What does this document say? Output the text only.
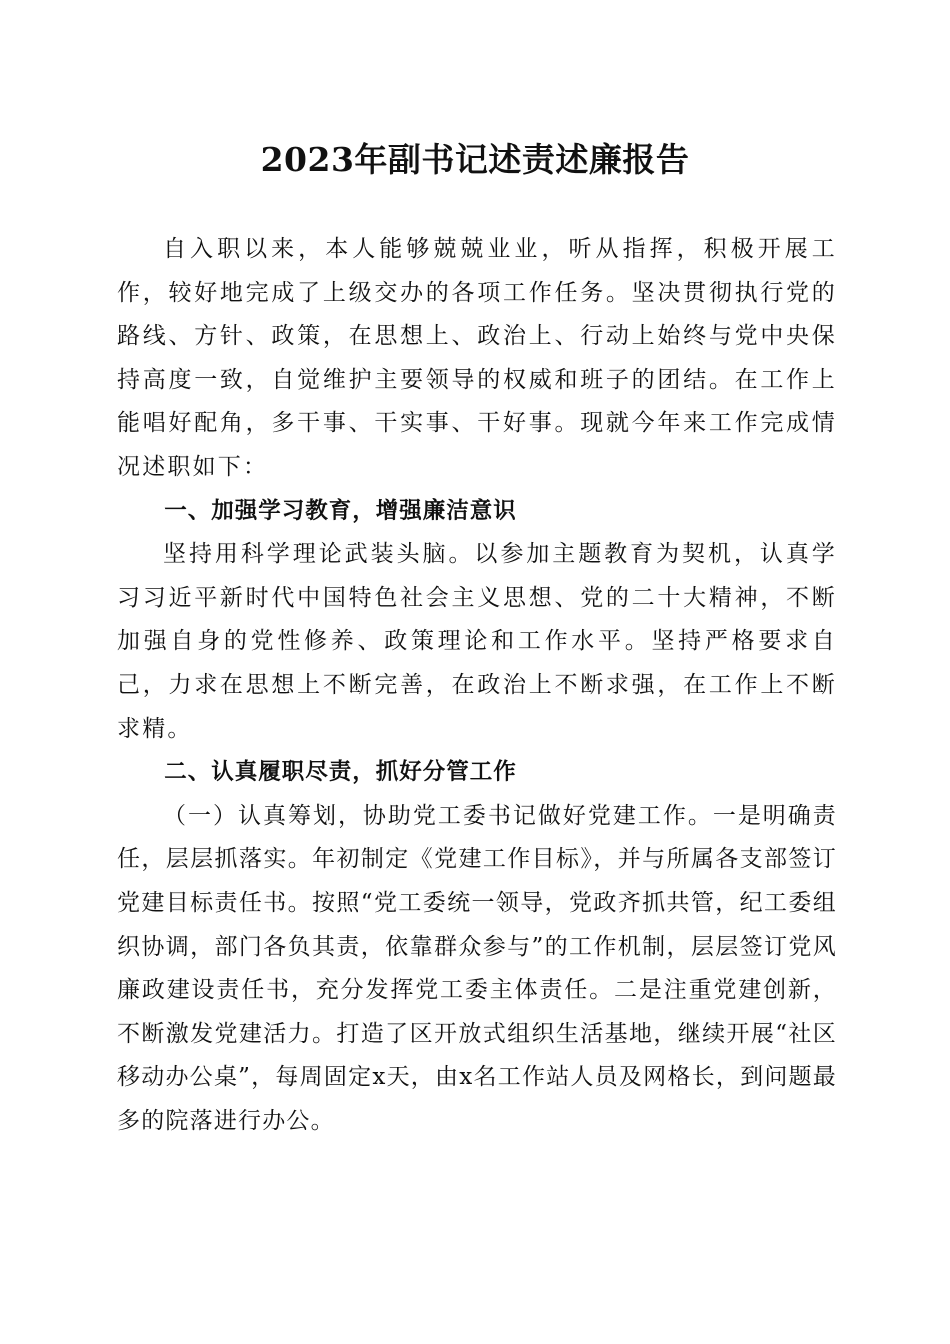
2023年副书记述责述廉报告

自入职以来，本人能够兢兢业业，听从指挥，积极开展工作，较好地完成了上级交办的各项工作任务。坚决贯彻执行党的路线、方针、政策，在思想上、政治上、行动上始终与党中央保持高度一致，自觉维护主要领导的权威和班子的团结。在工作上能唱好配角，多干事、干实事、干好事。现就今年来工作完成情况述职如下：

一、加强学习教育，增强廉洁意识

坚持用科学理论武装头脑。以参加主题教育为契机，认真学习习近平新时代中国特色社会主义思想、党的二十大精神，不断加强自身的党性修养、政策理论和工作水平。坚持严格要求自己，力求在思想上不断完善，在政治上不断求强，在工作上不断求精。

二、认真履职尽责，抓好分管工作

（一）认真筹划，协助党工委书记做好党建工作。一是明确责任，层层抓落实。年初制定《党建工作目标》，并与所属各支部签订党建目标责任书。按照“党工委统一领导，党政齐抓共管，纪工委组织协调，部门各负其责，依靠群众参与”的工作机制，层层签订党风廉政建设责任书，充分发挥党工委主体责任。二是注重党建创新，不断激发党建活力。打造了区开放式组织生活基地，继续开展“社区移动办公桌”，每周固定x天，由x名工作站人员及网格长，到问题最多的院落进行办公。
